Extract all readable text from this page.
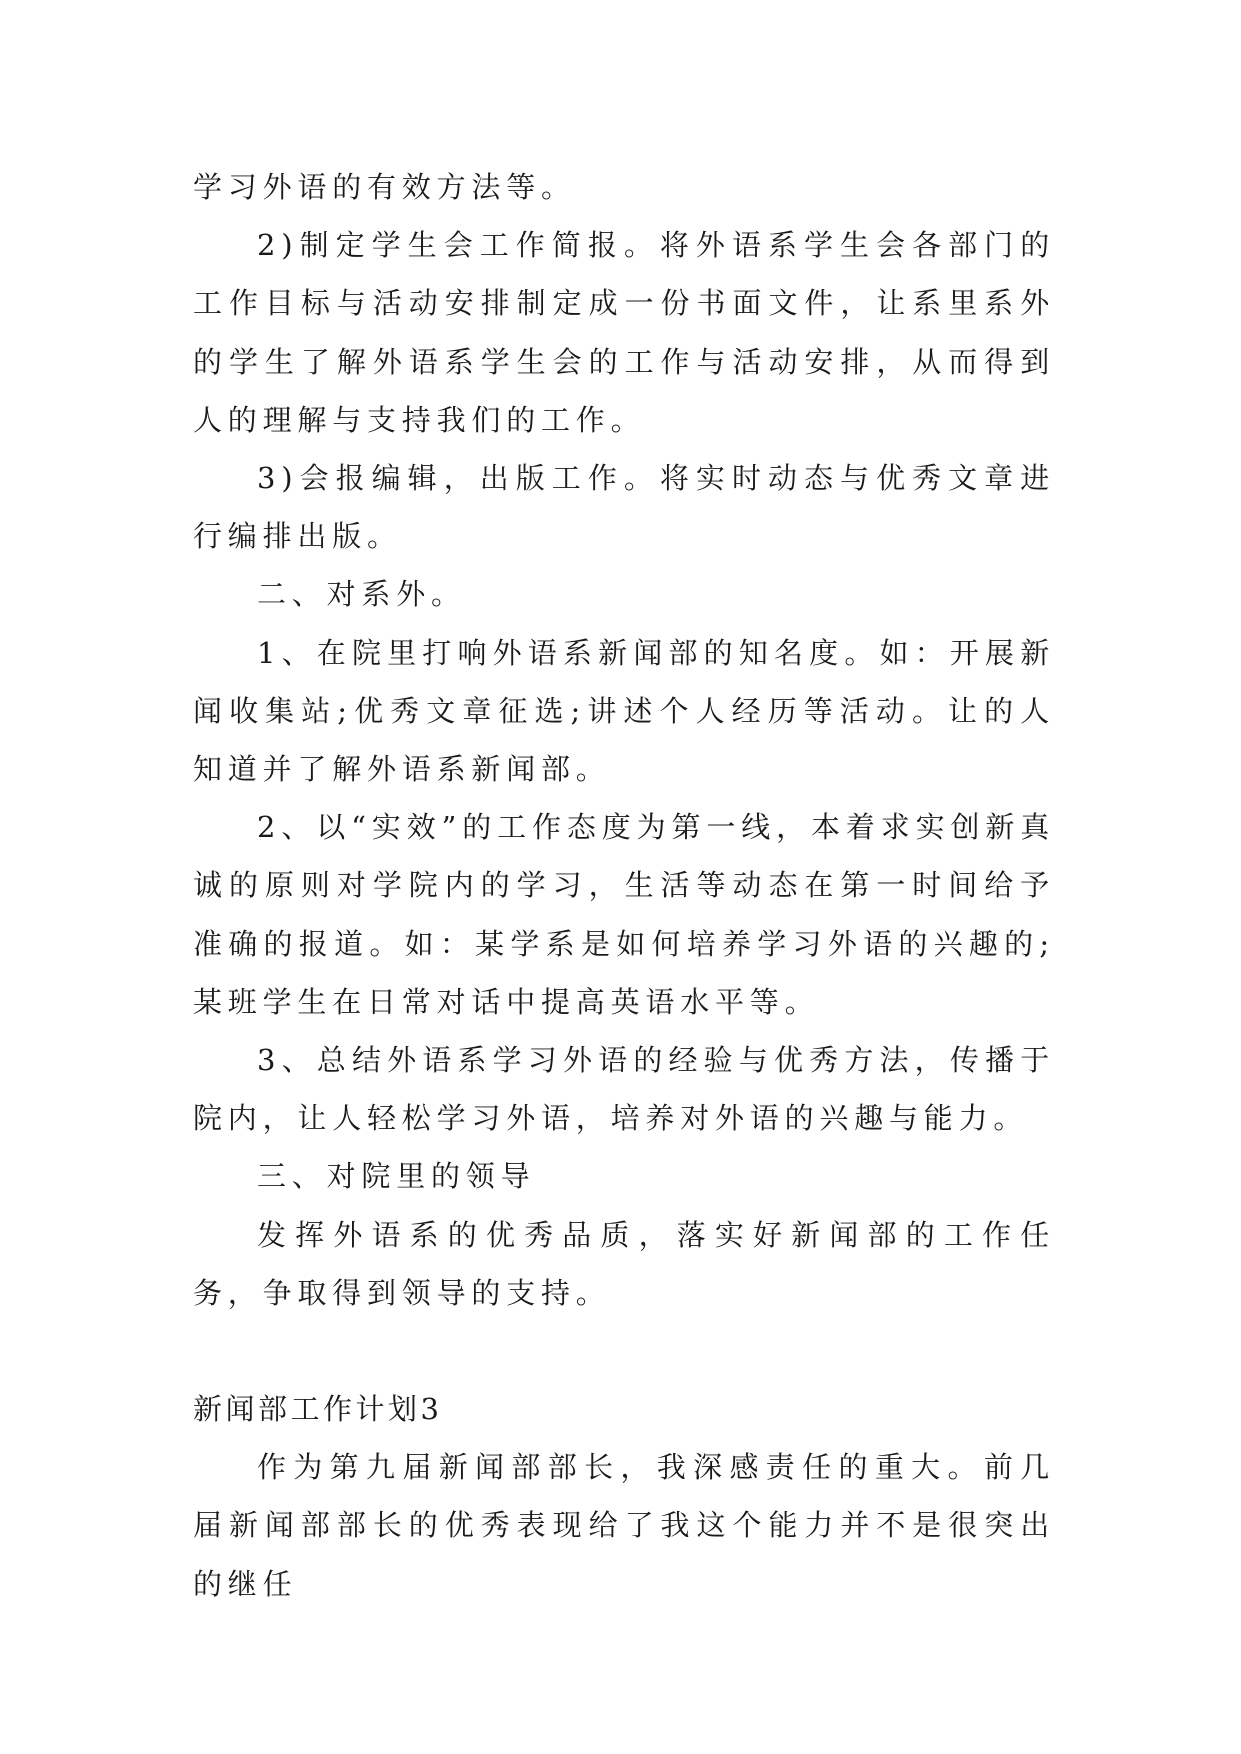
学习外语的有效方法等。

2)制定学生会工作简报。将外语系学生会各部门的工作目标与活动安排制定成一份书面文件，让系里系外的学生了解外语系学生会的工作与活动安排，从而得到人的理解与支持我们的工作。

3)会报编辑，出版工作。将实时动态与优秀文章进行编排出版。

二、对系外。

1、在院里打响外语系新闻部的知名度。如：开展新闻收集站;优秀文章征选;讲述个人经历等活动。让的人知道并了解外语系新闻部。

2、以“实效”的工作态度为第一线，本着求实创新真诚的原则对学院内的学习，生活等动态在第一时间给予准确的报道。如：某学系是如何培养学习外语的兴趣的;某班学生在日常对话中提高英语水平等。

3、总结外语系学习外语的经验与优秀方法，传播于院内，让人轻松学习外语，培养对外语的兴趣与能力。

三、对院里的领导

发挥外语系的优秀品质，落实好新闻部的工作任务，争取得到领导的支持。

新闻部工作计划3

作为第九届新闻部部长，我深感责任的重大。前几届新闻部部长的优秀表现给了我这个能力并不是很突出的继任
